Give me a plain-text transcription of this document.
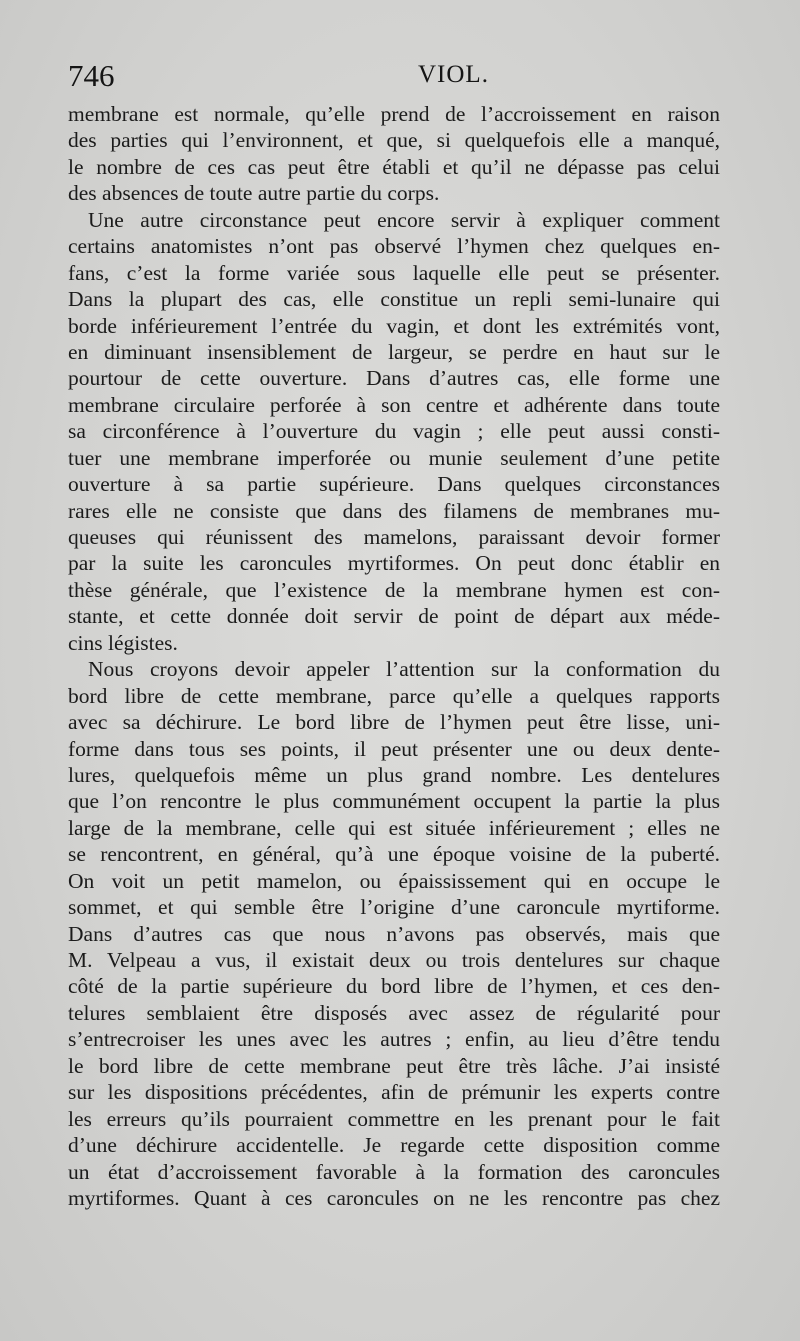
746	VIOL.
membrane est normale, qu’elle prend de l’accroissement en raison
des parties qui l’environnent, et que, si quelquefois elle a manqué,
le nombre de ces cas peut être établi et qu’il ne dépasse pas celui
des absences de toute autre partie du corps.
Une autre circonstance peut encore servir à expliquer comment
certains anatomistes n’ont pas observé l’hymen chez quelques en-
fans, c’est la forme variée sous laquelle elle peut se présenter.
Dans la plupart des cas, elle constitue un repli semi-lunaire qui
borde inférieurement l’entrée du vagin, et dont les extrémités vont,
en diminuant insensiblement de largeur, se perdre en haut sur le
pourtour de cette ouverture. Dans d’autres cas, elle forme une
membrane circulaire perforée à son centre et adhérente dans toute
sa circonférence à l’ouverture du vagin ; elle peut aussi consti-
tuer une membrane imperforée ou munie seulement d’une petite
ouverture à sa partie supérieure. Dans quelques circonstances
rares elle ne consiste que dans des filamens de membranes mu-
queuses qui réunissent des mamelons, paraissant devoir former
par la suite les caroncules myrtiformes. On peut donc établir en
thèse générale, que l’existence de la membrane hymen est con-
stante, et cette donnée doit servir de point de départ aux méde-
cins légistes.
Nous croyons devoir appeler l’attention sur la conformation du
bord libre de cette membrane, parce qu’elle a quelques rapports
avec sa déchirure. Le bord libre de l’hymen peut être lisse, uni-
forme dans tous ses points, il peut présenter une ou deux dente-
lures, quelquefois même un plus grand nombre. Les dentelures
que l’on rencontre le plus communément occupent la partie la plus
large de la membrane, celle qui est située inférieurement ; elles ne
se rencontrent, en général, qu’à une époque voisine de la puberté.
On voit un petit mamelon, ou épaississement qui en occupe le
sommet, et qui semble être l’origine d’une caroncule myrtiforme.
Dans d’autres cas que nous n’avons pas observés, mais que
M. Velpeau a vus, il existait deux ou trois dentelures sur chaque
côté de la partie supérieure du bord libre de l’hymen, et ces den-
telures semblaient être disposés avec assez de régularité pour
s’entrecroiser les unes avec les autres ; enfin, au lieu d’être tendu
le bord libre de cette membrane peut être très lâche. J’ai insisté
sur les dispositions précédentes, afin de prémunir les experts contre
les erreurs qu’ils pourraient commettre en les prenant pour le fait
d’une déchirure accidentelle. Je regarde cette disposition comme
un état d’accroissement favorable à la formation des caroncules
myrtiformes. Quant à ces caroncules on ne les rencontre pas chez
